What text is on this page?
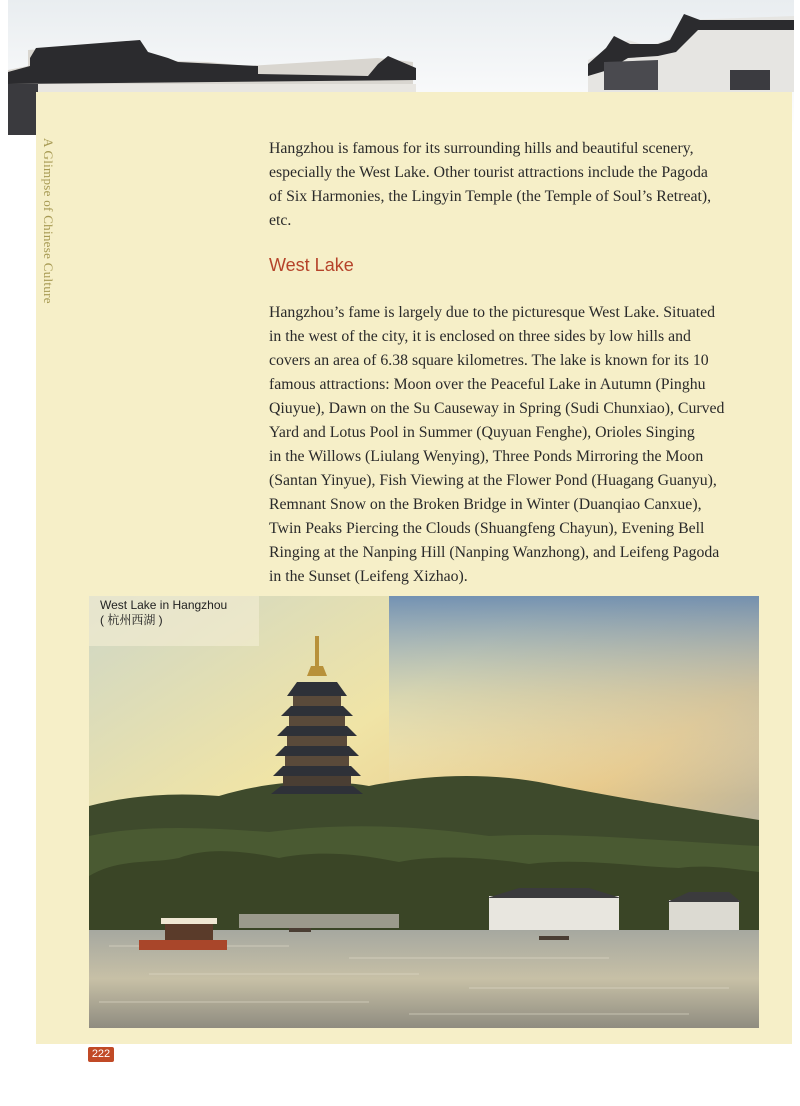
A Glimpse of Chinese Culture	Hangzhou is famous for its surrounding hills and beautiful scenery,
especially the West Lake. Other tourist attractions include the Pagoda
of Six Harmonies, the Lingyin Temple (the Temple of Soul’s Retreat),
etc.

West Lake

Hangzhou’s fame is largely due to the picturesque West Lake. Situated
in the west of the city, it is enclosed on three sides by low hills and
covers an area of 6.38 square kilometres. The lake is known for its 10
famous attractions: Moon over the Peaceful Lake in Autumn (Pinghu
Qiuyue), Dawn on the Su Causeway in Spring (Sudi Chunxiao), Curved
Yard and Lotus Pool in Summer (Quyuan Fenghe), Orioles Singing
in the Willows (Liulang Wenying), Three Ponds Mirroring the Moon
(Santan Yinyue), Fish Viewing at the Flower Pond (Huagang Guanyu),
Remnant Snow on the Broken Bridge in Winter (Duanqiao Canxue),
Twin Peaks Piercing the Clouds (Shuangfeng Chayun), Evening Bell
Ringing at the Nanping Hill (Nanping Wanzhong), and Leifeng Pagoda
in the Sunset (Leifeng Xizhao).

West Lake in Hangzhou
( 杭州西湖 )
222
